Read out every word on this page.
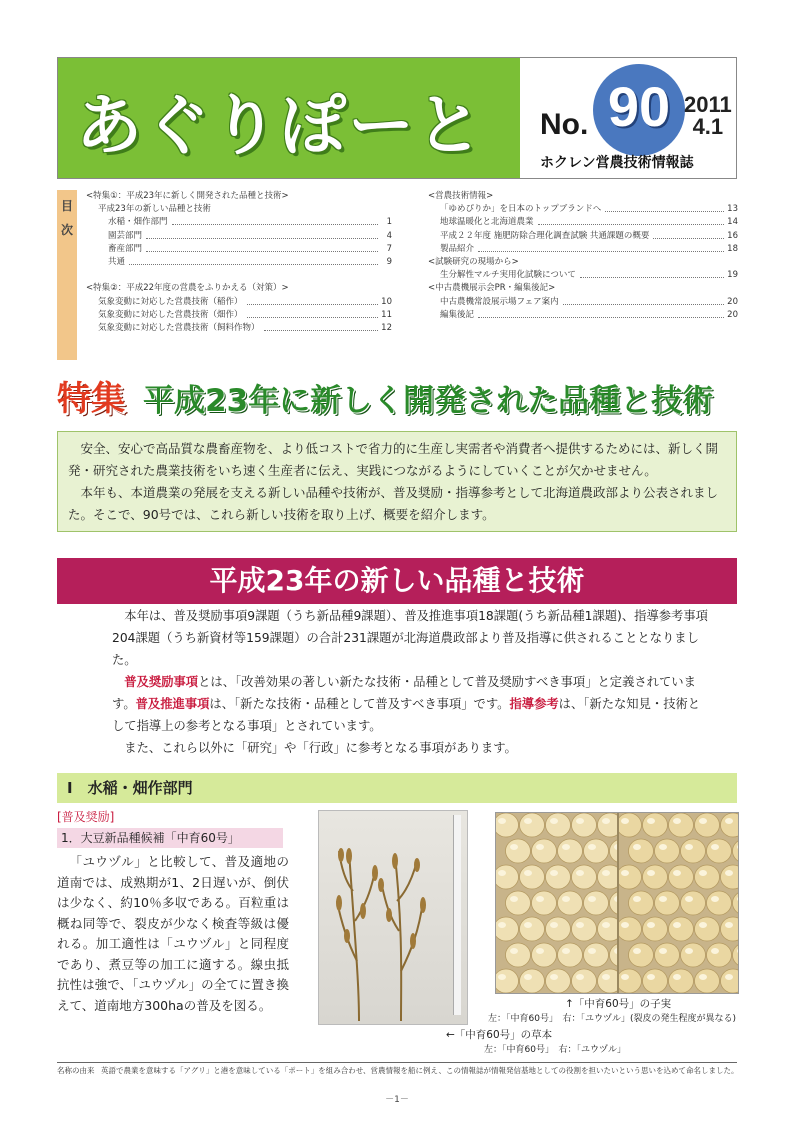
あぐりぽーと No. 90 2011
4.1
ホクレン営農技術情報誌
目
次
<特集①：平成23年に新しく開発された品種と技術>
平成23年の新しい品種と技術
水稲・畑作部門	1
園芸部門	4
畜産部門	7
共通	9
<特集②：平成22年度の営農をふりかえる（対策）>
気象変動に対応した営農技術（稲作）	10
気象変動に対応した営農技術（畑作）	11
気象変動に対応した営農技術（飼料作物）	12
<営農技術情報>
「ゆめぴりか」を日本のトップブランドへ	13
地球温暖化と北海道農業	14
平成２２年度 施肥防除合理化調査試験 共通課題の概要	16
製品紹介	18
<試験研究の現場から>
生分解性マルチ実用化試験について	19
<中古農機展示会PR・編集後記>
中古農機常設展示場フェア案内	20
編集後記	20
特集 平成23年に新しく開発された品種と技術

安全、安心で高品質な農畜産物を、より低コストで省力的に生産し実需者や消費者へ提供するためには、新しく開発・研究された農業技術をいち速く生産者に伝え、実践につながるようにしていくことが欠かせません。

本年も、本道農業の発展を支える新しい品種や技術が、普及奨励・指導参考として北海道農政部より公表されました。そこで、90号では、これら新しい技術を取り上げ、概要を紹介します。

平成23年の新しい品種と技術

本年は、普及奨励事項9課題（うち新品種9課題）、普及推進事項18課題(うち新品種1課題)、指導参考事項204課題（うち新資材等159課題）の合計231課題が北海道農政部より普及指導に供されることとなりました。

普及奨励事項とは、「改善効果の著しい新たな技術・品種として普及奨励すべき事項」と定義されています。普及推進事項は、「新たな技術・品種として普及すべき事項」です。指導参考は、「新たな知見・技術として指導上の参考となる事項」とされています。

また、これら以外に「研究」や「行政」に参考となる事項があります。

Ⅰ　水稲・畑作部門
[普及奨励]
1．大豆新品種候補「中育60号」

「ユウヅル」と比較して、普及適地の道南では、成熟期が1、2日遅いが、倒伏は少なく、約10％多収である。百粒重は概ね同等で、裂皮が少なく検査等級は優れる。加工適性は「ユウヅル」と同程度であり、煮豆等の加工に適する。線虫抵抗性は強で、「ユウヅル」の全てに置き換えて、道南地方300haの普及を図る。	↑「中育60号」の子実
左：「中育60号」　右：「ユウヅル」(裂皮の発生程度が異なる)
←「中育60号」の草本
左：「中育60号」　右：「ユウヅル」
名称の由来 英語で農業を意味する「アグリ」と港を意味している「ポート」を組み合わせ、営農情報を船に例え、この情報誌が情報発信基地としての役割を担いたいという思いを込めて命名しました。
－1－
